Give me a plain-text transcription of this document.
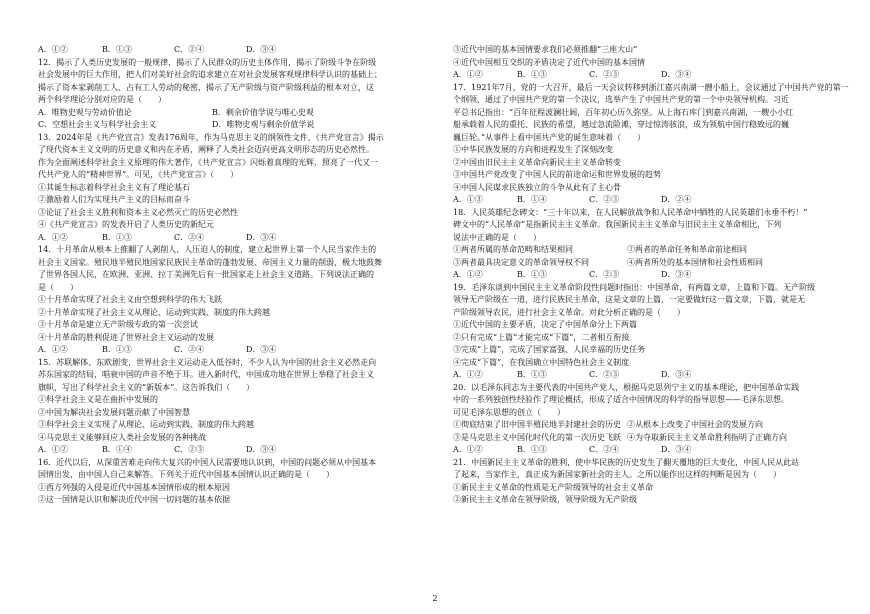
A．①②	B．①③	C．②④	D．③④
12．揭示了人类历史发展的一般规律，揭示了人民群众的历史主体作用，揭示了阶级斗争在阶级
社会发展中的巨大作用，把人们对美好社会的追求建立在对社会发展客观规律科学认识的基础上；
揭示了资本家剥削工人、占有工人劳动的秘密，揭示了无产阶级与资产阶级利益的根本对立，这
两个科学理论分别对应的是（　　）
A．唯物史观与劳动价值论	B．剩余价值学说与唯心史观
C．空想社会主义与科学社会主义	D．唯物史观与剩余价值学说
13．2024年是《共产党宣言》发表176周年，作为马克思主义的纲领性文件，《共产党宣言》揭示
了现代资本主义文明的历史意义和内在矛盾，阐释了人类社会迈向更高文明形态的历史必然性。
作为全面阐述科学社会主义原理的伟大著作，《共产党宣言》闪烁着真理的光辉，照亮了一代又一
代共产党人的“精神世界”。可见，《共产党宣言》（　　）
①其诞生标志着科学社会主义有了理论基石
②激励着人们为实现共产主义的目标而奋斗
③论证了社会主义胜利和资本主义必然灭亡的历史必然性
④《共产党宣言》的发表开启了人类历史的新纪元
A．①②	B．①③	C．②④	D．③④
14．十月革命从根本上推翻了人剥削人、人压迫人的制度，建立起世界上第一个人民当家作主的
社会主义国家。殖民地半殖民地国家民族民主革命的蓬勃发展、帝国主义力量的削弱，极大地鼓舞
了世界各国人民，在欧洲、亚洲、拉丁美洲先后有一批国家走上社会主义道路。下列说法正确的
是（　　）
①十月革命实现了社会主义由空想到科学的伟大飞跃
②十月革命实现了社会主义从理论、运动到实践、制度的伟大跨越
③十月革命是建立无产阶级专政的第一次尝试
④十月革命的胜利促进了世界社会主义运动的发展
A．①②	B．①③	C．②④	D．③④
15．苏联解体、东欧剧变，世界社会主义运动走入低谷时，不少人认为中国的社会主义必然走向
苏东国家的结局，唱衰中国的声音不绝于耳。进入新时代，中国成功地在世界上举稳了社会主义
旗帜，写出了科学社会主义的“新版本”。这告诉我们（　　）
①科学社会主义是在曲折中发展的
②中国为解决社会发展问题贡献了中国智慧
③科学社会主义实现了从理论、运动到实践、制度的伟大跨越
④马克思主义能够回应人类社会发展的各种挑战
A．①②	B．①④	C．②③	D．③④
16．近代以后，从深重苦难走向伟大复兴的中国人民需要地认识到，中国的问题必须从中国基本
国情出发，由中国人自己来解答。下列关于近代中国基本国情认识正确的是（　　）
①西方列强的入侵是近代中国基本国情形成的根本原因
②这一国情是认识和解决近代中国一切问题的基本依据
③近代中国的基本国情要求我们必须推翻“三座大山”
④近代中国相互交织的矛盾决定了近代中国的基本国情
A．①②	B．①③	C．②③	D．③④
17．1921年7月，党的一大召开，最后一天会议转移到浙江嘉兴南湖一艘小船上，会议通过了中国共产党的第一
个纲领，通过了中国共产党的第一个决议，选举产生了中国共产党的第一个中央领导机构。习近
平总书记指出：“百年征程波澜壮阔，百年初心历久弥坚。从上海石库门到嘉兴南湖，一艘小小红
船承载着人民的重托、民族的希望，越过急流险滩，穿过惊涛骇浪，成为领航中国行稳致远的巍
巍巨轮。”从事件上看中国共产党的诞生意味着（　　）
①中华民族发展的方向和进程发生了深刻改变
②中国由旧民主主义革命向新民主主义革命转变
③中国共产党改变了中国人民的前途命运和世界发展的趋势
④中国人民谋求民族独立的斗争从此有了主心骨
A．①③	B．①④	C．②③	D．②④
18．人民英雄纪念碑文：“三十年以来，在人民解放战争和人民革命中牺牲的人民英雄们永垂不朽！”
碑文中的“人民革命”是指新民主主义革命。我国新民主主义革命与旧民主主义革命相比，下列
说法中正确的是（　　）
①两者所属的革命范畴和结果相同	②两者的革命任务和革命前途相同
③两者最具决定意义的革命领导权不同	④两者所处的基本国情和社会性质相同
A．①②	B．①③	C．②③	D．③④
19．毛泽东谈到中国民主主义革命阶段性问题时指出：中国革命，有两篇文章，上篇和下篇。无产阶级
领导无产阶级在一道，进行民族民主革命，这是文章的上篇，一定要做好这一篇文章，下篇，就是无
产阶级领导农民，进行社会主义革命。对此分析正确的是（　　）
①近代中国的主要矛盾，决定了中国革命分上下两篇
②只有完成“上篇”才能完成“下篇”，二者相互衔接
③完成“上篇”，完成了国家富强、人民幸福的历史任务
④完成“下篇”，在我国确立中国特色社会主义制度
A．①②	B．①③	C．②③	D．③④
20．以毛泽东同志为主要代表的中国共产党人，根据马克思列宁主义的基本理论，把中国革命实践
中的一系列独创性经验作了理论概括，形成了适合中国情况的科学的指导思想——毛泽东思想。
可见毛泽东思想的创立（　　）
①彻底结束了旧中国半殖民地半封建社会的历史 ②从根本上改变了中国社会的发展方向
③是马克思主义中国化时代化的第一次历史飞跃 ④为夺取新民主主义革命胜利指明了正确方向
A．①②	B．①③	C．②④	D．③④
21．中国新民主主义革命的胜利，使中华民族的历史发生了翻天覆地的巨大变化，中国人民从此站
了起来，当家作主，真正成为新国家新社会的主人。之所以能作出这样的判断是因为（　　）
①新民主主义革命的性质是无产阶级领导的社会主义革命
②新民主主义革命在领导阶级，领导阶级为无产阶级
2
